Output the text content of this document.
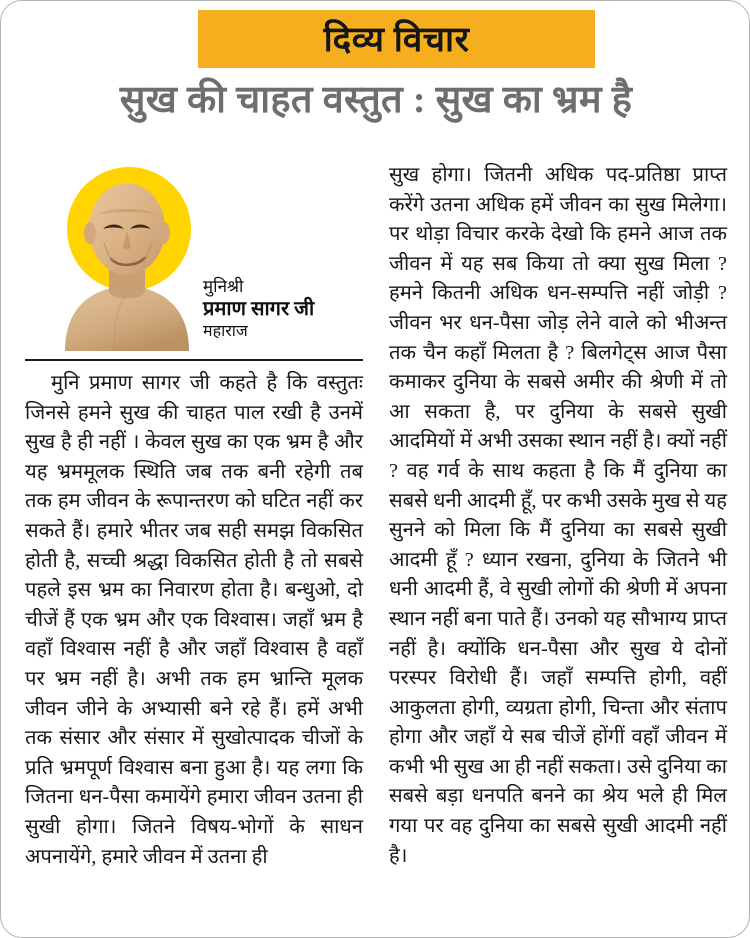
दिव्य विचार
सुख की चाहत वस्तुत : सुख का भ्रम है
मुनिश्री
प्रमाण सागर जी
महाराज

मुनि प्रमाण सागर जी कहते है कि वस्तुतः जिनसे हमने सुख की चाहत पाल रखी है उनमें सुख है ही नहीं । केवल सुख का एक भ्रम है और यह भ्रममूलक स्थिति जब तक बनी रहेगी तब तक हम जीवन के रूपान्तरण को घटित नहीं कर सकते हैं। हमारे भीतर जब सही समझ विकसित होती है, सच्ची श्रद्धा विकसित होती है तो सबसे पहले इस भ्रम का निवारण होता है। बन्धुओ, दो चीजें हैं एक भ्रम और एक विश्वास। जहाँ भ्रम है वहाँ विश्वास नहीं है और जहाँ विश्वास है वहाँ पर भ्रम नहीं है। अभी तक हम भ्रान्ति मूलक जीवन जीने के अभ्यासी बने रहे हैं। हमें अभी तक संसार और संसार में सुखोत्पादक चीजों के प्रति भ्रमपूर्ण विश्वास बना हुआ है। यह लगा कि जितना धन-पैसा कमायेंगे हमारा जीवन उतना ही सुखी होगा। जितने विषय-भोगों के साधन अपनायेंगे, हमारे जीवन में उतना ही

सुख होगा। जितनी अधिक पद-प्रतिष्ठा प्राप्त करेंगे उतना अधिक हमें जीवन का सुख मिलेगा। पर थोड़ा विचार करके देखो कि हमने आज तक जीवन में यह सब किया तो क्या सुख मिला ? हमने कितनी अधिक धन-सम्पत्ति नहीं जोड़ी ? जीवन भर धन-पैसा जोड़ लेने वाले को भीअन्त तक चैन कहाँ मिलता है ? बिलगेट्स आज पैसा कमाकर दुनिया के सबसे अमीर की श्रेणी में तो आ सकता है, पर दुनिया के सबसे सुखी आदमियों में अभी उसका स्थान नहीं है। क्यों नहीं ? वह गर्व के साथ कहता है कि मैं दुनिया का सबसे धनी आदमी हूँ, पर कभी उसके मुख से यह सुनने को मिला कि मैं दुनिया का सबसे सुखी आदमी हूँ ? ध्यान रखना, दुनिया के जितने भी धनी आदमी हैं, वे सुखी लोगों की श्रेणी में अपना स्थान नहीं बना पाते हैं। उनको यह सौभाग्य प्राप्त नहीं है। क्योंकि धन-पैसा और सुख ये दोनों परस्पर विरोधी हैं। जहाँ सम्पत्ति होगी, वहीं आकुलता होगी, व्यग्रता होगी, चिन्ता और संताप होगा और जहाँ ये सब चीजें होंगीं वहाँ जीवन में कभी भी सुख आ ही नहीं सकता। उसे दुनिया का सबसे बड़ा धनपति बनने का श्रेय भले ही मिल गया पर वह दुनिया का सबसे सुखी आदमी नहीं है।
